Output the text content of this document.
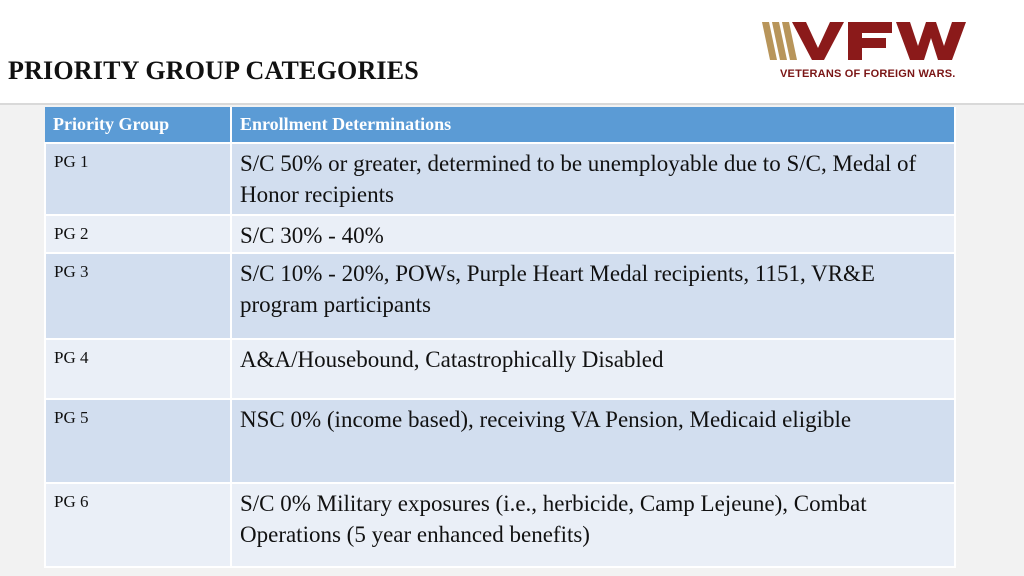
PRIORITY GROUP CATEGORIES	VETERANS OF FOREIGN WARS.
Priority Group	Enrollment Determinations
PG 1	S/C 50% or greater, determined to be unemployable due to S/C, Medal of Honor recipients
PG 2	S/C 30% - 40%
PG 3	S/C 10% - 20%, POWs, Purple Heart Medal recipients, 1151, VR&E program participants
PG 4	A&A/Housebound, Catastrophically Disabled
PG 5	NSC 0% (income based), receiving VA Pension, Medicaid eligible
PG 6	S/C 0% Military exposures (i.e., herbicide, Camp Lejeune), Combat Operations (5 year enhanced benefits)
